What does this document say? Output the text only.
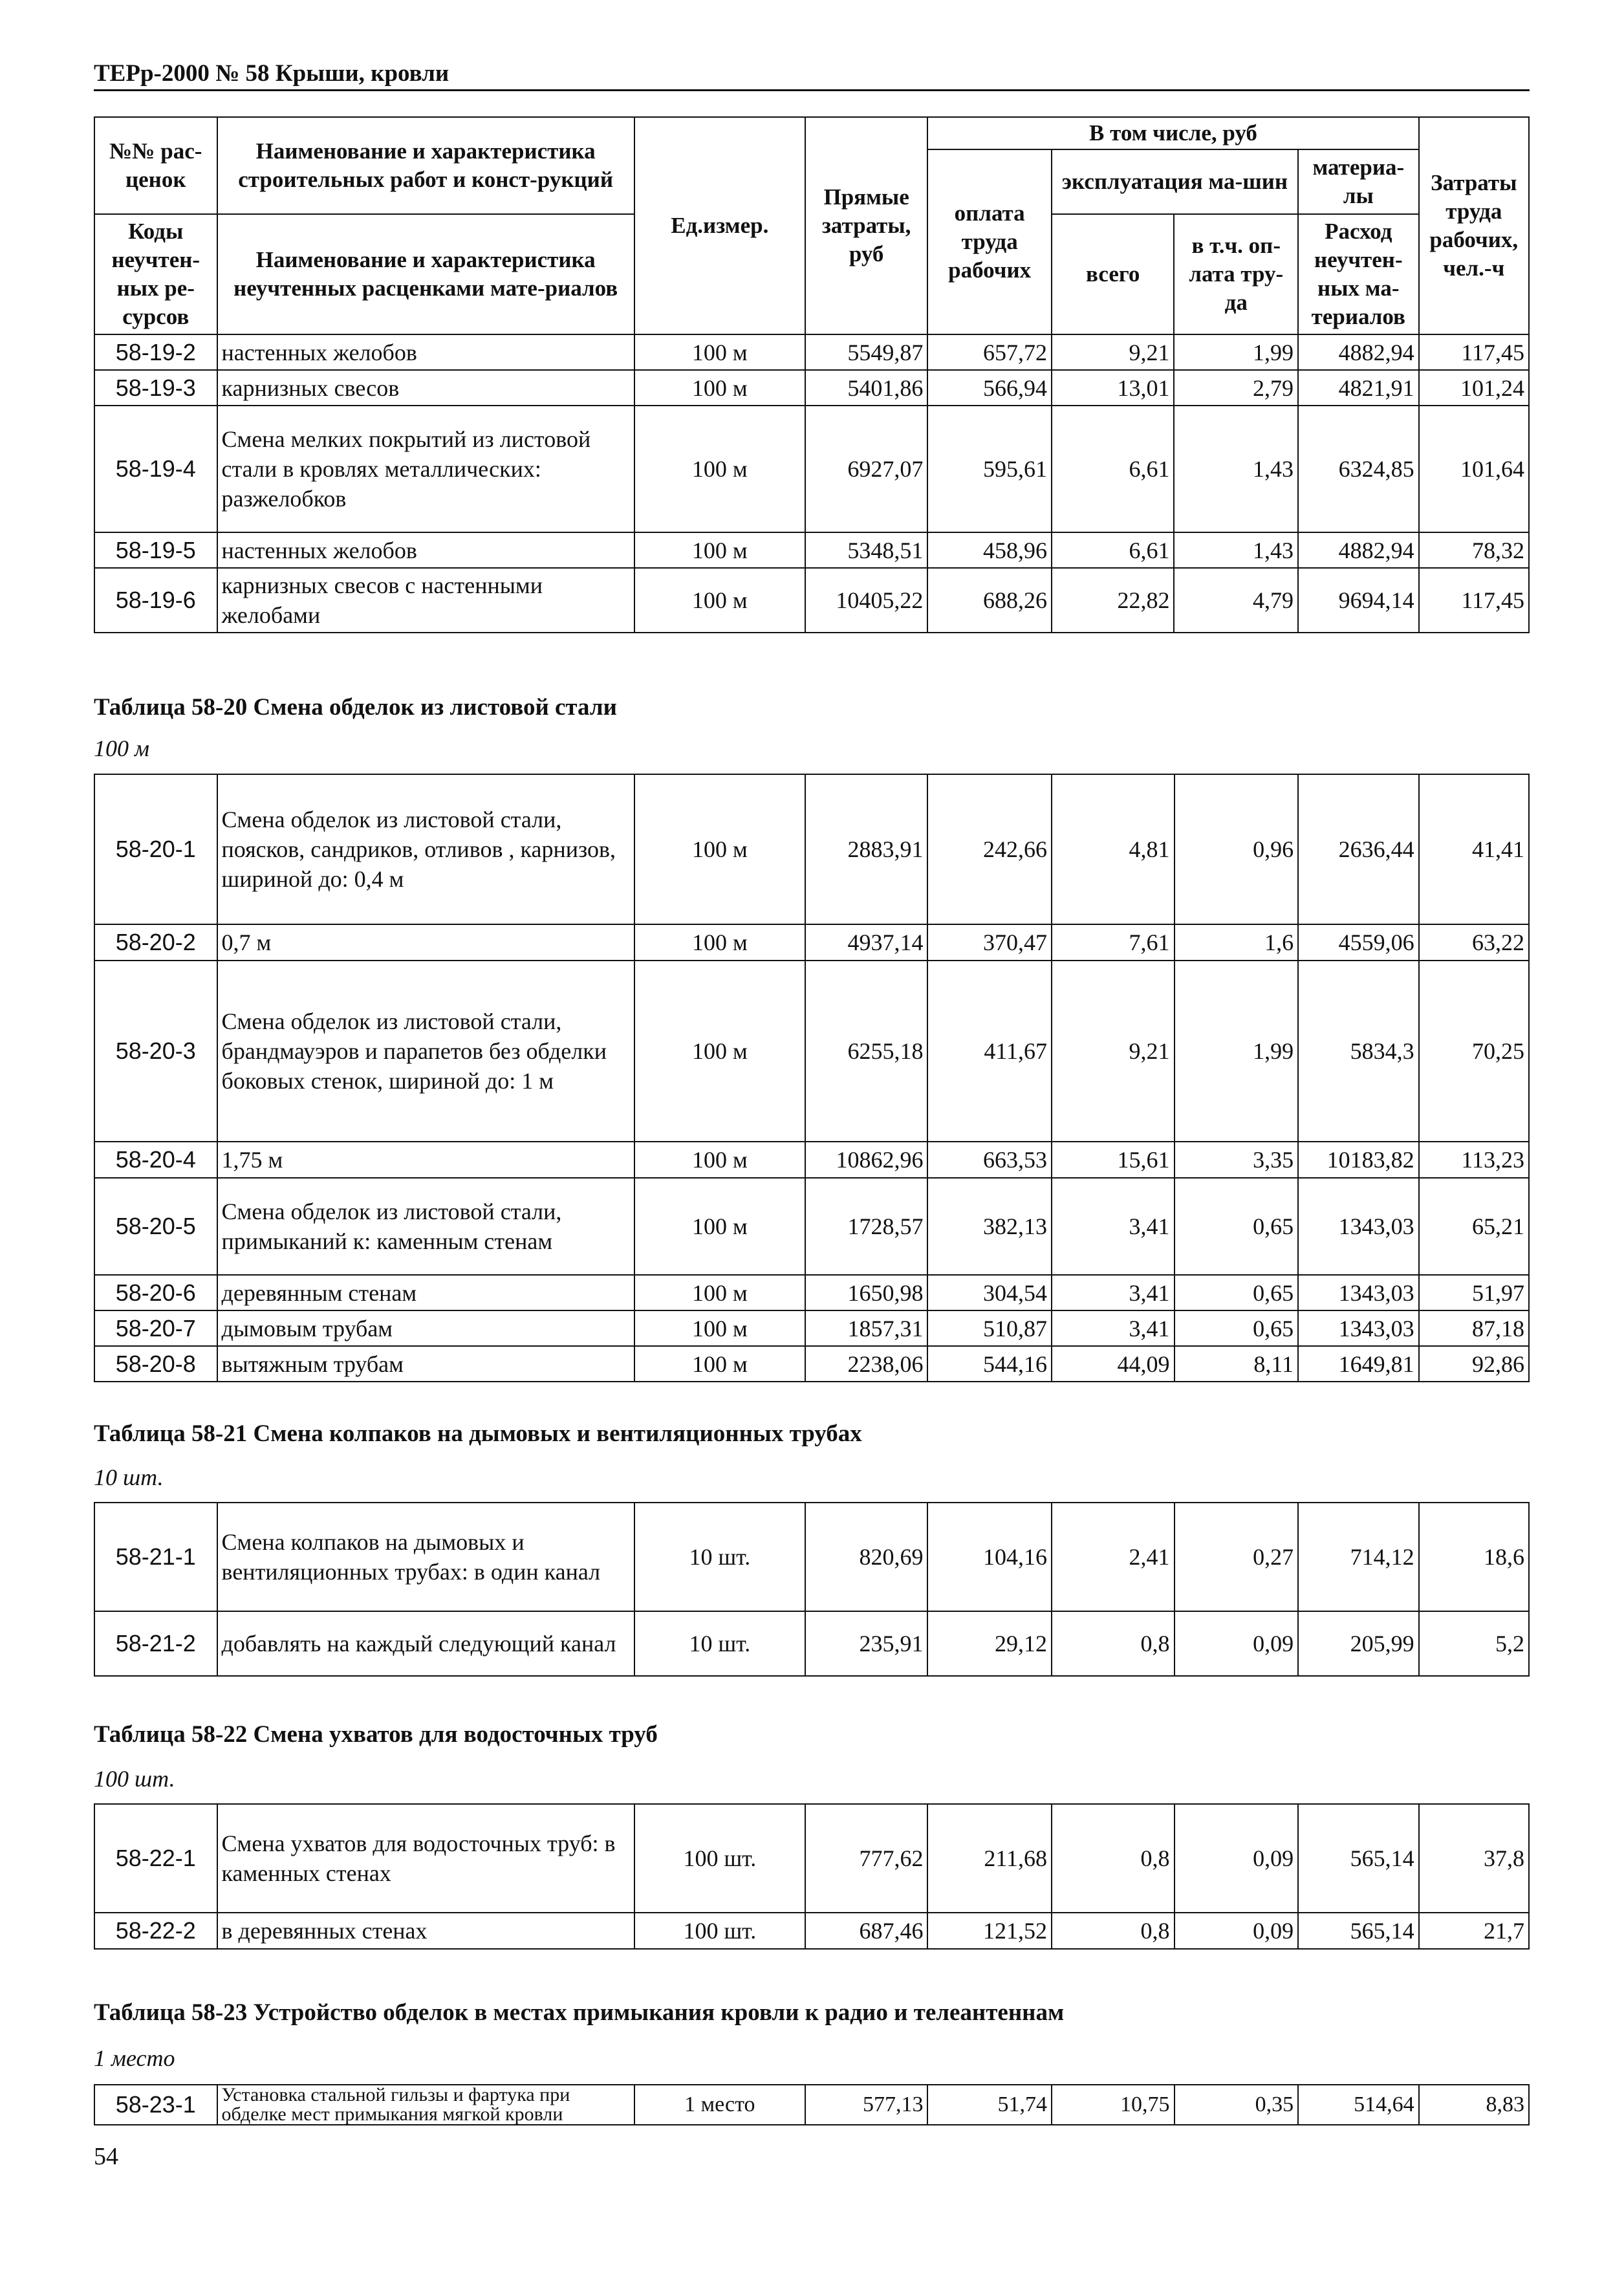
ТЕРр-2000 № 58 Крыши, кровли
№№ рас-ценок	Наименование и характеристика строительных работ и конст-рукций	Ед.измер.	Прямые затраты, руб	В том числе, руб				Затраты труда рабочих, чел.-ч
				оплата труда рабочих	эксплуатация ма-шин		материа-лы	

Коды неучтен-ных ре-сурсов	Наименование и характеристика неучтенных расценками мате-риалов				всего	в т.ч. оп-лата тру-да	Расход неучтен-ных ма-териалов	

58-19-2	настенных желобов	100 м	5549,87	657,72	9,21	1,99	4882,94	117,45
58-19-3	карнизных свесов	100 м	5401,86	566,94	13,01	2,79	4821,91	101,24
58-19-4	Смена мелких покрытий из листовой стали в кровлях металлических: разжелобков	100 м	6927,07	595,61	6,61	1,43	6324,85	101,64
58-19-5	настенных желобов	100 м	5348,51	458,96	6,61	1,43	4882,94	78,32
58-19-6	карнизных свесов с настенными желобами	100 м	10405,22	688,26	22,82	4,79	9694,14	117,45
Таблица 58-20 Смена обделок из листовой стали
100 м
58-20-1	Смена обделок из листовой стали, поясков, сандриков, отливов , карнизов, шириной до: 0,4 м	100 м	2883,91	242,66	4,81	0,96	2636,44	41,41
58-20-2	0,7 м	100 м	4937,14	370,47	7,61	1,6	4559,06	63,22
58-20-3	Смена обделок из листовой стали, брандмауэров и парапетов без обделки боковых стенок, шириной до: 1 м	100 м	6255,18	411,67	9,21	1,99	5834,3	70,25
58-20-4	1,75 м	100 м	10862,96	663,53	15,61	3,35	10183,82	113,23
58-20-5	Смена обделок из листовой стали, примыканий к: каменным стенам	100 м	1728,57	382,13	3,41	0,65	1343,03	65,21
58-20-6	деревянным стенам	100 м	1650,98	304,54	3,41	0,65	1343,03	51,97
58-20-7	дымовым трубам	100 м	1857,31	510,87	3,41	0,65	1343,03	87,18
58-20-8	вытяжным трубам	100 м	2238,06	544,16	44,09	8,11	1649,81	92,86
Таблица 58-21 Смена колпаков на дымовых и вентиляционных трубах
10 шт.
58-21-1	Смена колпаков на дымовых и вентиляционных трубах: в один канал	10 шт.	820,69	104,16	2,41	0,27	714,12	18,6
58-21-2	добавлять на каждый следующий канал	10 шт.	235,91	29,12	0,8	0,09	205,99	5,2
Таблица 58-22 Смена ухватов для водосточных труб
100 шт.
58-22-1	Смена ухватов для водосточных труб: в каменных стенах	100 шт.	777,62	211,68	0,8	0,09	565,14	37,8
58-22-2	в деревянных стенах	100 шт.	687,46	121,52	0,8	0,09	565,14	21,7
Таблица 58-23 Устройство обделок в местах примыкания кровли к радио и телеантеннам
1 место
58-23-1	Установка стальной гильзы и фартука при обделке мест примыкания мягкой кровли	1 место	577,13	51,74	10,75	0,35	514,64	8,83
54
